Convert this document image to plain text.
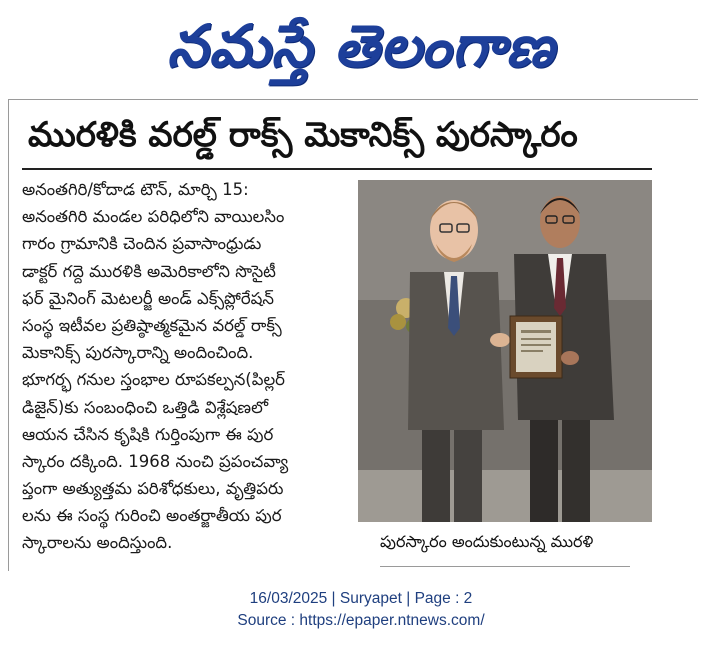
నమస్తే తెలంగాణ
మురళికి వరల్డ్ రాక్స్ మెకానిక్స్ పురస్కారం
అనంతగిరి/కోదాడ టౌన్, మార్చి 15:
అనంతగిరి మండల పరిధిలోని వాయిలసిం
గారం గ్రామానికి చెందిన ప్రవాసాంధ్రుడు
డాక్టర్ గద్దె మురళికి అమెరికాలోని సొసైటీ
ఫర్ మైనింగ్ మెటలర్జీ అండ్ ఎక్స్‌ప్లోరేషన్
సంస్థ ఇటీవల ప్రతిష్ఠాత్మకమైన వరల్డ్ రాక్స్
మెకానిక్స్ పురస్కారాన్ని అందించింది.
భూగర్భ గనుల స్తంభాల రూపకల్పన(పిల్లర్
డిజైన్)కు సంబంధించి ఒత్తిడి విశ్లేషణలో
ఆయన చేసిన కృషికి గుర్తింపుగా ఈ పుర
స్కారం దక్కింది. 1968 నుంచి ప్రపంచవ్యా
ప్తంగా అత్యుత్తమ పరిశోధకులు, వృత్తిపరు
లను ఈ సంస్థ గురించి అంతర్జాతీయ పుర
స్కారాలను అందిస్తుంది.	పురస్కారం అందుకుంటున్న మురళి
16/03/2025 | Suryapet | Page : 2
Source : https://epaper.ntnews.com/
